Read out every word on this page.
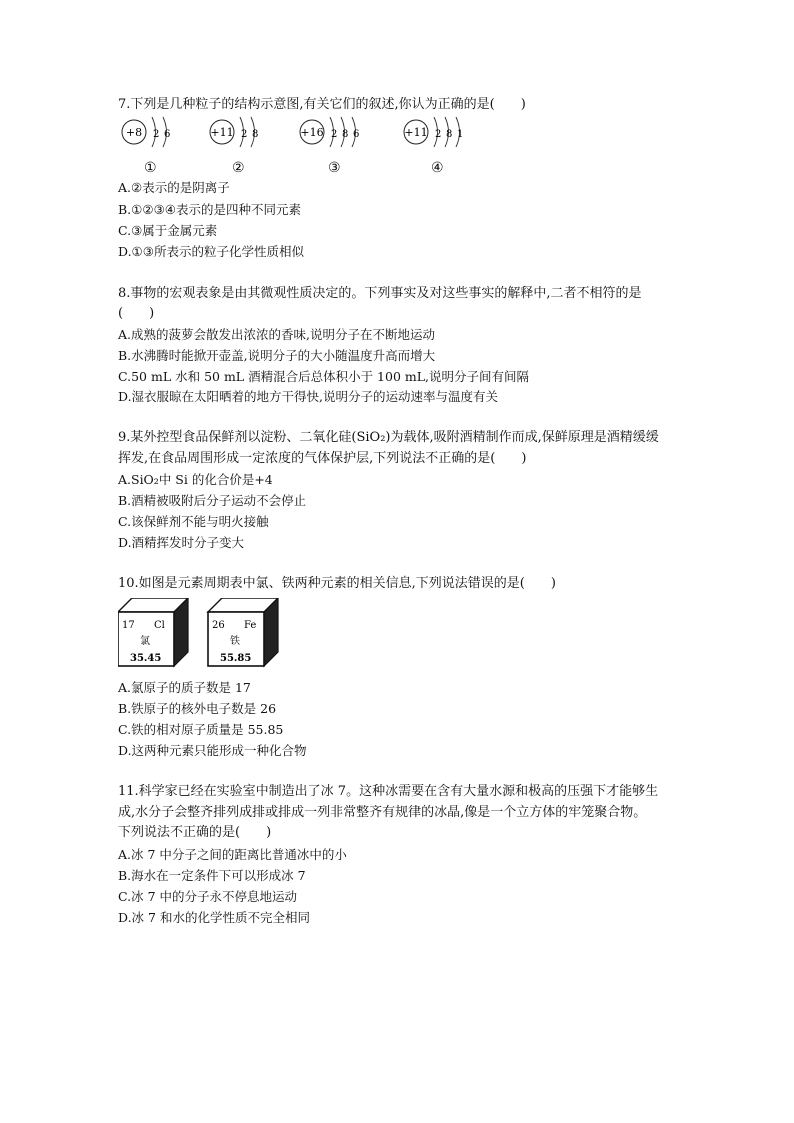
7.下列是几种粒子的结构示意图,有关它们的叙述,你认为正确的是(　　)
+8 2 6	+11 2 8	+16 2 8 6	+11 2 8 1
①	②	③	④
A.②表示的是阴离子
B.①②③④表示的是四种不同元素
C.③属于金属元素
D.①③所表示的粒子化学性质相似
8.事物的宏观表象是由其微观性质决定的。下列事实及对这些事实的解释中,二者不相符的是
(　　)
A.成熟的菠萝会散发出浓浓的香味,说明分子在不断地运动
B.水沸腾时能掀开壶盖,说明分子的大小随温度升高而增大
C.50 mL 水和 50 mL 酒精混合后总体积小于 100 mL,说明分子间有间隔
D.湿衣服晾在太阳晒着的地方干得快,说明分子的运动速率与温度有关
9.某外控型食品保鲜剂以淀粉、二氧化硅(SiO₂)为载体,吸附酒精制作而成,保鲜原理是酒精缓缓
挥发,在食品周围形成一定浓度的气体保护层,下列说法不正确的是(　　)
A.SiO₂中 Si 的化合价是+4
B.酒精被吸附后分子运动不会停止
C.该保鲜剂不能与明火接触
D.酒精挥发时分子变大
10.如图是元素周期表中氯、铁两种元素的相关信息,下列说法错误的是(　　)
17 Cl
氯
35.45
26 Fe
铁
55.85
A.氯原子的质子数是 17
B.铁原子的核外电子数是 26
C.铁的相对原子质量是 55.85
D.这两种元素只能形成一种化合物
11.科学家已经在实验室中制造出了冰 7。这种冰需要在含有大量水源和极高的压强下才能够生
成,水分子会整齐排列成排或排成一列非常整齐有规律的冰晶,像是一个立方体的牢笼聚合物。
下列说法不正确的是(　　)
A.冰 7 中分子之间的距离比普通冰中的小
B.海水在一定条件下可以形成冰 7
C.冰 7 中的分子永不停息地运动
D.冰 7 和水的化学性质不完全相同
